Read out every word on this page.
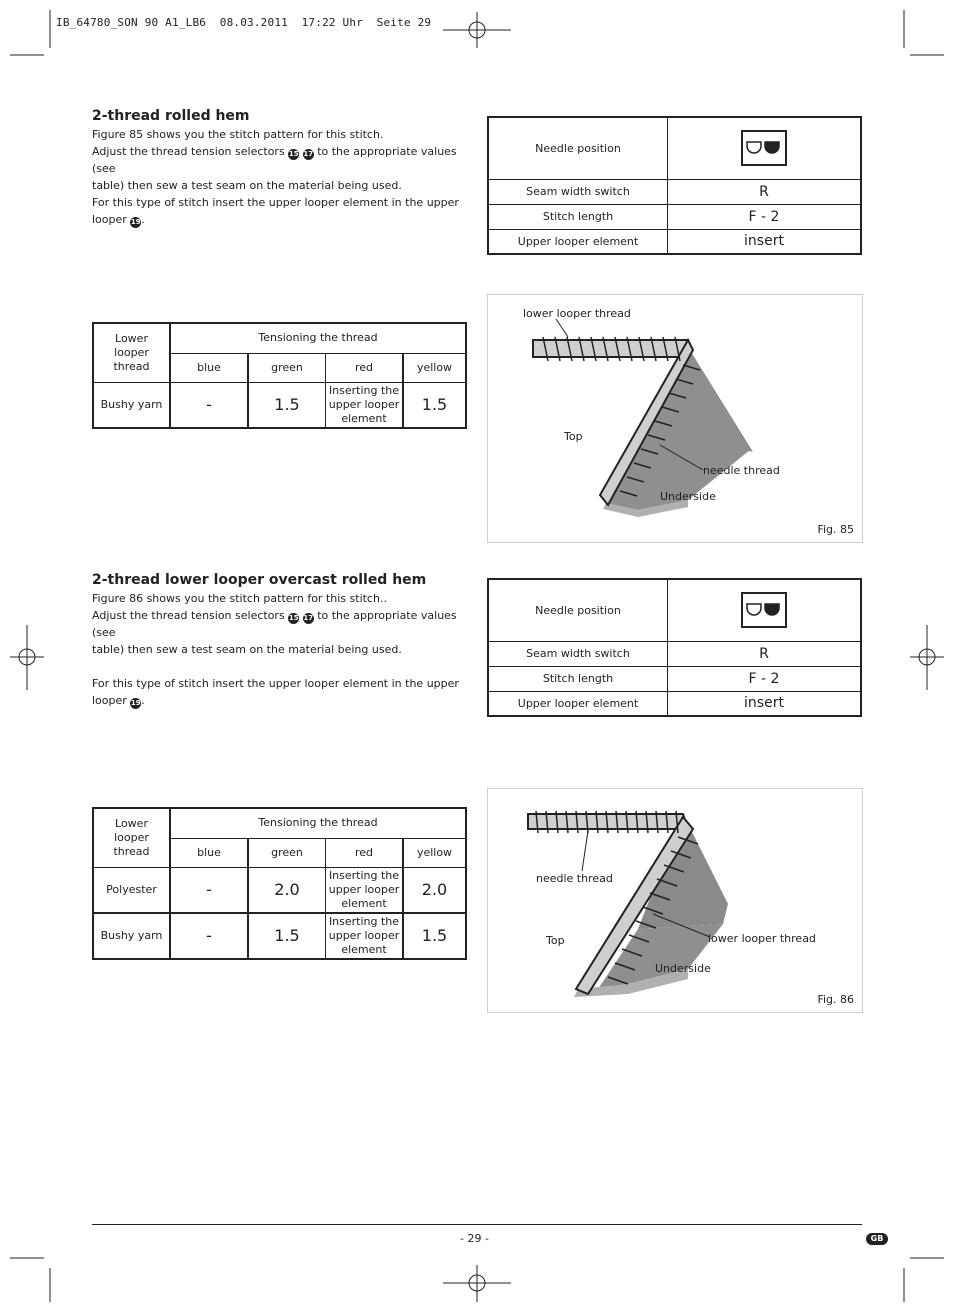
IB_64780_SON 90 A1_LB6  08.03.2011  17:22 Uhr  Seite 29
2-thread rolled hem
Figure 85 shows you the stitch pattern for this stitch.
Adjust the thread tension selectors 15 17 to the appropriate values (see
table) then sew a test seam on the material being used.
For this type of stitch insert the upper looper element in the upper looper 19.
Needle position	

Seam width switch	R
Stitch length	F - 2
Upper looper element	insert
Lower looper thread	Tensioning the thread			
	blue	green	red	yellow
Bushy yarn	-	1.5	Inserting the upper looper element	1.5
lower looper thread
Top
needle thread
Underside
Fig. 85
2-thread lower looper overcast rolled hem
Figure 86 shows you the stitch pattern for this stitch..
Adjust the thread tension selectors 15 17 to the appropriate values (see
table) then sew a test seam on the material being used.
For this type of stitch insert the upper looper element in the upper looper 19.
Needle position	

Seam width switch	R
Stitch length	F - 2
Upper looper element	insert
Lower looper thread	Tensioning the thread			
	blue	green	red	yellow
Polyester	-	2.0	Inserting the upper looper element	2.0
Bushy yarn	-	1.5	Inserting the upper looper element	1.5
needle thread
Top	lower looper thread
Underside
Fig. 86
- 29 -	GB
